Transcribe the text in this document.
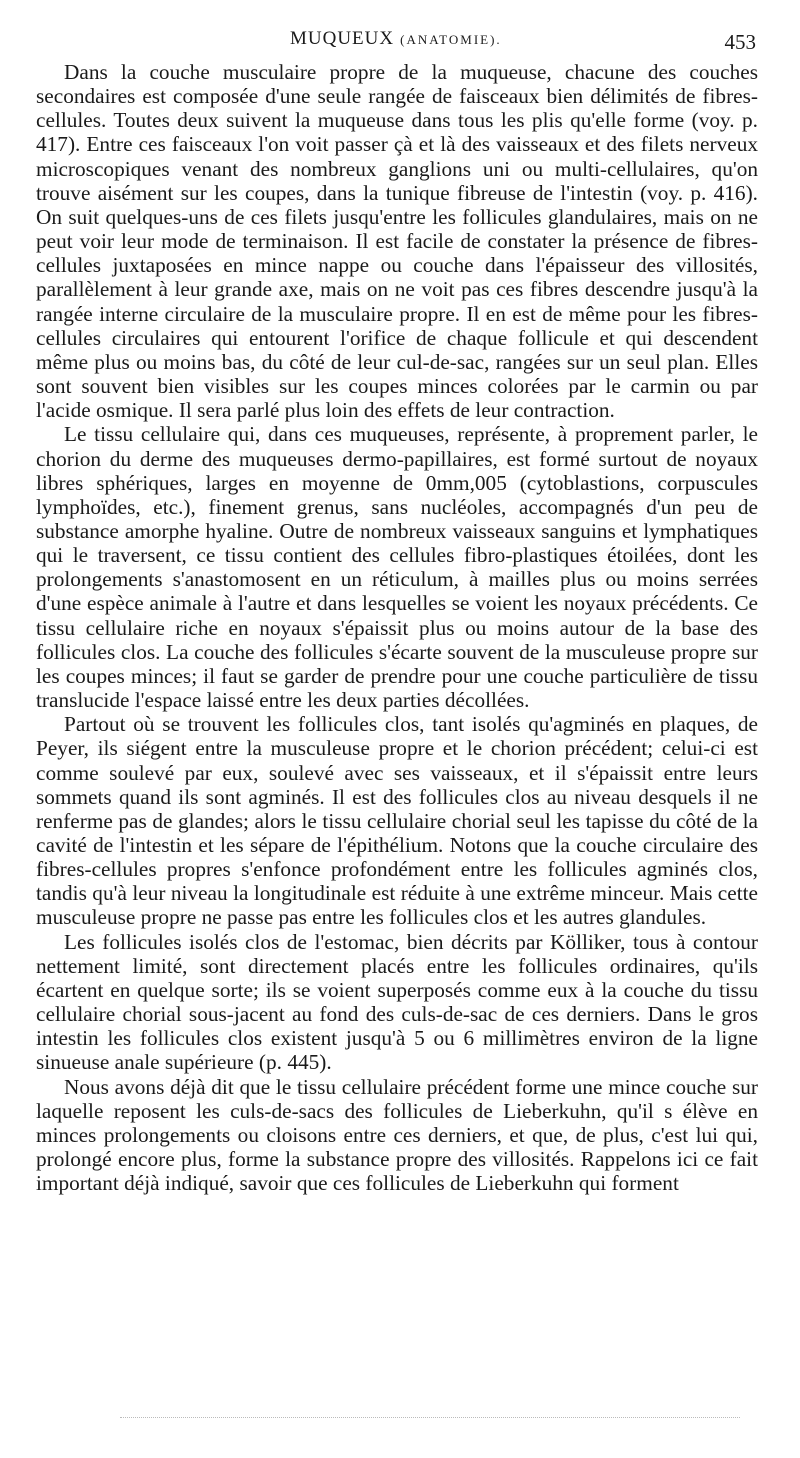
MUQUEUX (ANATOMIE).	453

Dans la couche musculaire propre de la muqueuse, chacune des couches secondaires est composée d'une seule rangée de faisceaux bien délimités de fibres-cellules. Toutes deux suivent la muqueuse dans tous les plis qu'elle forme (voy. p. 417). Entre ces faisceaux l'on voit passer çà et là des vaisseaux et des filets nerveux microscopiques venant des nombreux ganglions uni ou multi-cellulaires, qu'on trouve aisément sur les coupes, dans la tunique fibreuse de l'intestin (voy. p. 416). On suit quelques-uns de ces filets jusqu'entre les follicules glandulaires, mais on ne peut voir leur mode de terminaison. Il est facile de constater la présence de fibres-cellules juxtaposées en mince nappe ou couche dans l'épaisseur des villosités, parallèlement à leur grande axe, mais on ne voit pas ces fibres descendre jusqu'à la rangée interne circulaire de la musculaire propre. Il en est de même pour les fibres-cellules circulaires qui entourent l'orifice de chaque follicule et qui descendent même plus ou moins bas, du côté de leur cul-de-sac, rangées sur un seul plan. Elles sont souvent bien visibles sur les coupes minces colorées par le carmin ou par l'acide osmique. Il sera parlé plus loin des effets de leur contraction.

Le tissu cellulaire qui, dans ces muqueuses, représente, à proprement parler, le chorion du derme des muqueuses dermo-papillaires, est formé surtout de noyaux libres sphériques, larges en moyenne de 0mm,005 (cytoblastions, corpuscules lymphoïdes, etc.), finement grenus, sans nucléoles, accompagnés d'un peu de substance amorphe hyaline. Outre de nombreux vaisseaux sanguins et lymphatiques qui le traversent, ce tissu contient des cellules fibro-plastiques étoilées, dont les prolongements s'anastomosent en un réticulum, à mailles plus ou moins serrées d'une espèce animale à l'autre et dans lesquelles se voient les noyaux précédents. Ce tissu cellulaire riche en noyaux s'épaissit plus ou moins autour de la base des follicules clos. La couche des follicules s'écarte souvent de la musculeuse propre sur les coupes minces; il faut se garder de prendre pour une couche particulière de tissu translucide l'espace laissé entre les deux parties décollées.

Partout où se trouvent les follicules clos, tant isolés qu'agminés en plaques, de Peyer, ils siégent entre la musculeuse propre et le chorion précédent; celui-ci est comme soulevé par eux, soulevé avec ses vaisseaux, et il s'épaissit entre leurs sommets quand ils sont agminés. Il est des follicules clos au niveau desquels il ne renferme pas de glandes; alors le tissu cellulaire chorial seul les tapisse du côté de la cavité de l'intestin et les sépare de l'épithélium. Notons que la couche circulaire des fibres-cellules propres s'enfonce profondément entre les follicules agminés clos, tandis qu'à leur niveau la longitudinale est réduite à une extrême minceur. Mais cette musculeuse propre ne passe pas entre les follicules clos et les autres glandules.

Les follicules isolés clos de l'estomac, bien décrits par Kölliker, tous à contour nettement limité, sont directement placés entre les follicules ordinaires, qu'ils écartent en quelque sorte; ils se voient superposés comme eux à la couche du tissu cellulaire chorial sous-jacent au fond des culs-de-sac de ces derniers. Dans le gros intestin les follicules clos existent jusqu'à 5 ou 6 millimètres environ de la ligne sinueuse anale supérieure (p. 445).

Nous avons déjà dit que le tissu cellulaire précédent forme une mince couche sur laquelle reposent les culs-de-sacs des follicules de Lieberkuhn, qu'il s élève en minces prolongements ou cloisons entre ces derniers, et que, de plus, c'est lui qui, prolongé encore plus, forme la substance propre des villosités. Rappelons ici ce fait important déjà indiqué, savoir que ces follicules de Lieberkuhn qui forment
